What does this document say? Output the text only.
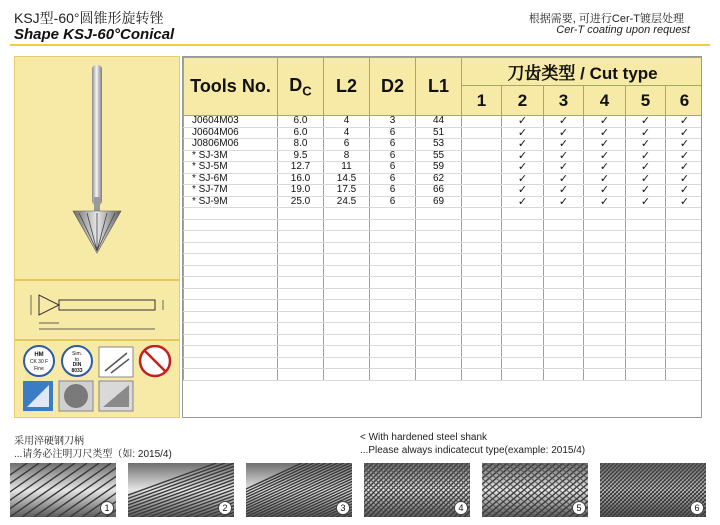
KSJ型-60°圆锥形旋转锉
Shape KSJ-60°Conical
根据需要, 可进行Cer-T镀层处理
Cer-T coating upon request
HM
CK 30 F
Fine
Sim.
to
DIN
8033
Tools No.	$D_C$	L2	D2	L1	刀齿类型 / Cut type					
					1	2	3	4	5	6
J0604M03	6.0	4	3	44		✓	✓	✓	✓	✓
J0604M06	6.0	4	6	51		✓	✓	✓	✓	✓
J0806M06	8.0	6	6	53		✓	✓	✓	✓	✓
* SJ-3M	9.5	8	6	55		✓	✓	✓	✓	✓
* SJ-5M	12.7	11	6	59		✓	✓	✓	✓	✓
* SJ-6M	16.0	14.5	6	62		✓	✓	✓	✓	✓
* SJ-7M	19.0	17.5	6	66		✓	✓	✓	✓	✓
* SJ-9M	25.0	24.5	6	69		✓	✓	✓	✓	✓

采用淬硬钢刀柄
...请务必注明刀尺类型（如: 2015/4)
< With hardened steel shank
...Please always indicatecut type(example: 2015/4)
1	2	3	4	5	6
